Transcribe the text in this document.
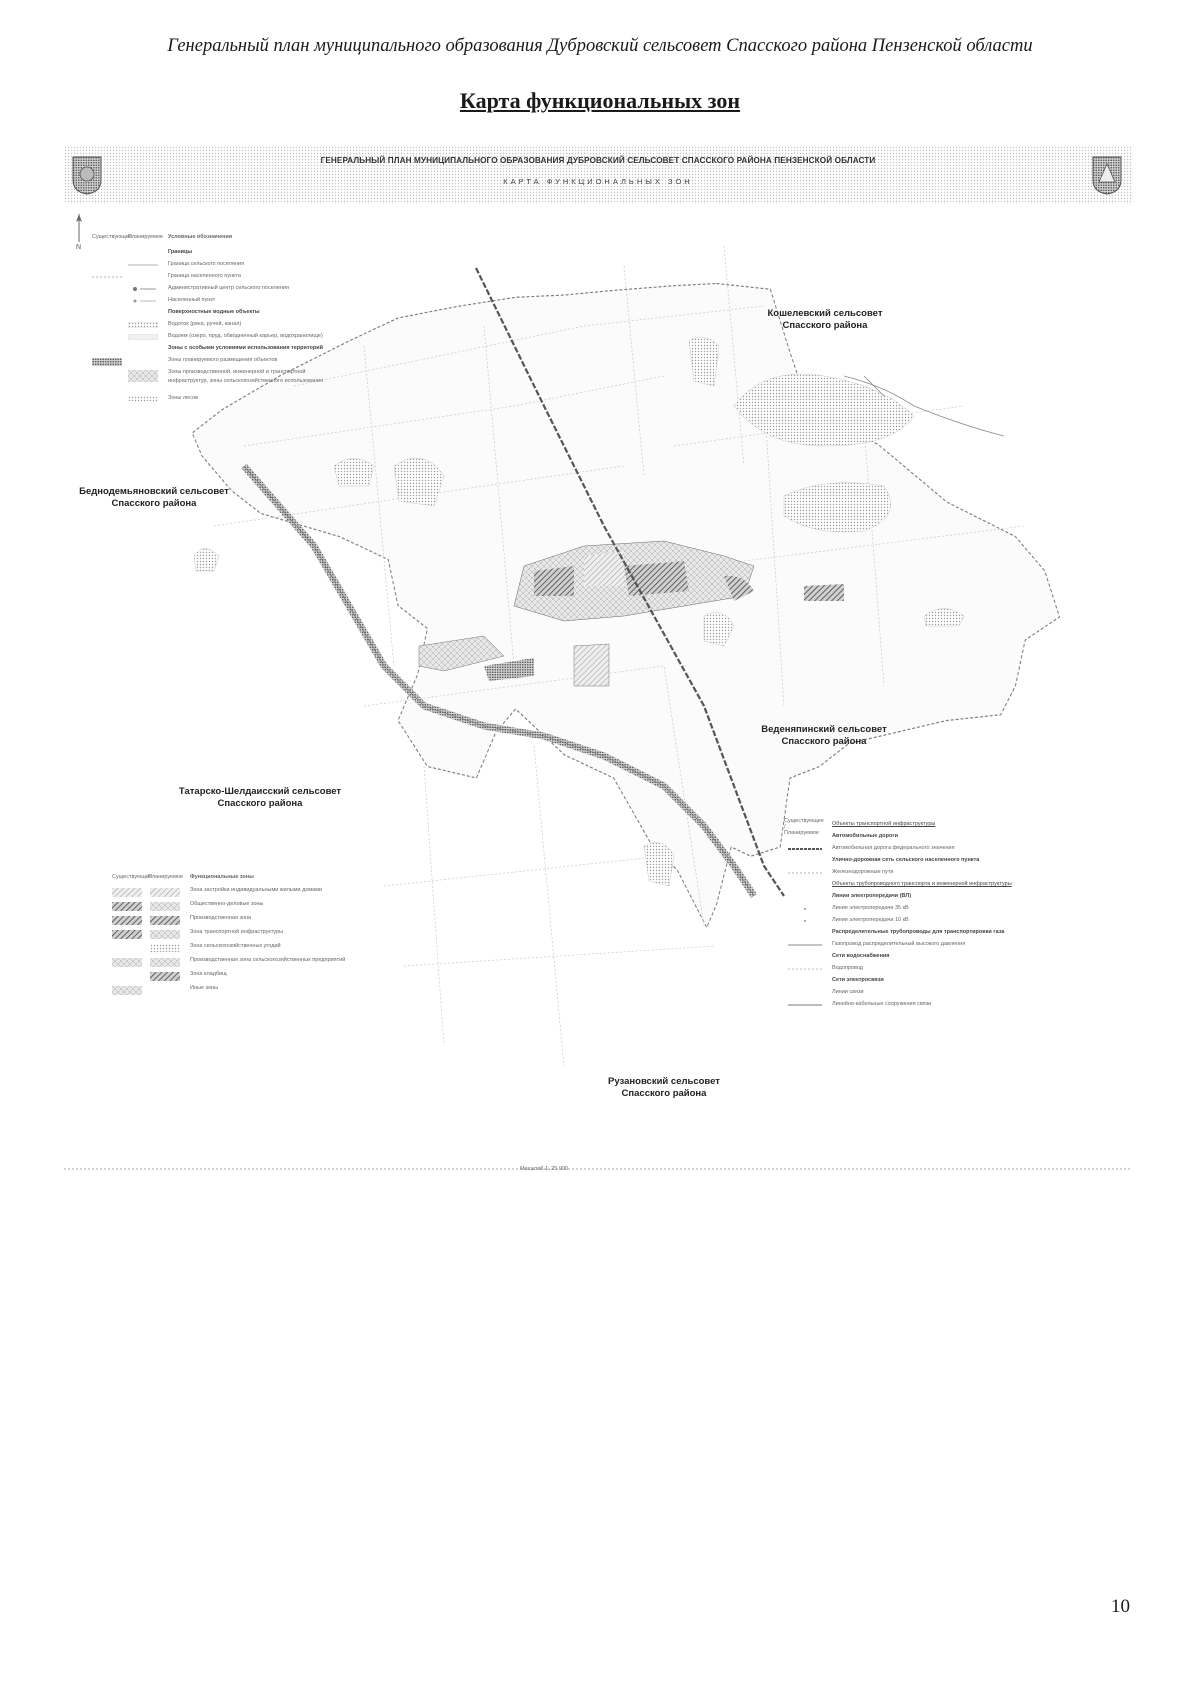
Генеральный план муниципального образования Дубровский сельсовет Спасского района Пензенской области
Карта функциональных зон
ГЕНЕРАЛЬНЫЙ ПЛАН МУНИЦИПАЛЬНОГО ОБРАЗОВАНИЯ ДУБРОВСКИЙ СЕЛЬСОВЕТ СПАССКОГО РАЙОНА ПЕНЗЕНСКОЙ ОБЛАСТИ
КАРТА ФУНКЦИОНАЛЬНЫХ ЗОН
N
Кошелевский сельсовет
Спасского района
Беднодемьяновский сельсовет
Спасского района
Веденяпинский сельсовет
Спасского района
Татарско-Шелдаисский сельсовет
Спасского района
Рузановский сельсовет
Спасского района
Существующее
Планируемое Условные обозначения
Границы
Граница сельского поселения
Граница населенного пункта
Административный центр сельского поселения
Населенный пункт
Поверхностные водные объекты
Водоток (река, ручей, канал)
Водоем (озеро, пруд, обводненный карьер, водохранилище)
Зоны с особыми условиями использования территорий
Зоны планируемого размещения объектов
Зоны производственной, инженерной и транспортной инфраструктур, зоны сельскохозяйственного использования
Зоны лесов
Существующее
Планируемое Функциональные зоны
Зона застройки индивидуальными жилыми домами
Общественно-деловые зоны
Производственная зона
Зона транспортной инфраструктуры
Зона сельскохозяйственных угодий
Производственная зона сельскохозяйственных предприятий
Зона кладбищ
Иные зоны
Существующее / Планируемое
Объекты транспортной инфраструктуры
Автомобильные дороги
Автомобильная дорога федерального значения
Улично-дорожная сеть сельского населенного пункта
Железнодорожные пути
Объекты трубопроводного транспорта и инженерной инфраструктуры
Линии электропередачи (ВЛ)
Линия электропередачи 35 кВ
Линия электропередачи 10 кВ
Распределительные трубопроводы для транспортировки газа
Газопровод распределительный высокого давления
Сети водоснабжения
Водопровод
Сети электросвязи
Линии связи
Линейно-кабельные сооружения связи
Масштаб 1: 25 000
10
